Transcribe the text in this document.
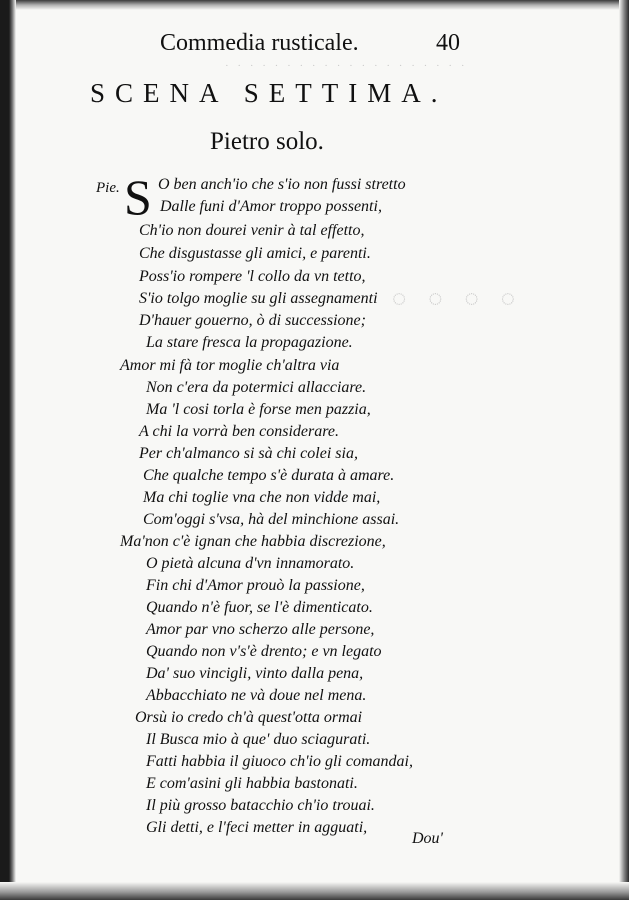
◌ ◌ ◌ ◌
· · · · · · · · · · · · · · · · · · · ·
Commedia rusticale.	40
SCENA SETTIMA.
Pietro solo.
Pie. S O ben anch'io che s'io non fussi stretto
Dalle funi d'Amor troppo possenti,
Ch'io non dourei venir à tal effetto,
Che disgustasse gli amici, e parenti.
Poss'io rompere 'l collo da vn tetto,
S'io tolgo moglie su gli assegnamenti
D'hauer gouerno, ò di successione;
La stare fresca la propagazione.
Amor mi fà tor moglie ch'altra via
Non c'era da potermici allacciare.
Ma 'l cosi torla è forse men pazzia,
A chi la vorrà ben considerare.
Per ch'almanco si sà chi colei sia,
Che qualche tempo s'è durata à amare.
Ma chi toglie vna che non vidde mai,
Com'oggi s'vsa, hà del minchione assai.
Ma'non c'è ignan che habbia discrezione,
O pietà alcuna d'vn innamorato.
Fin chi d'Amor prouò la passione,
Quando n'è fuor, se l'è dimenticato.
Amor par vno scherzo alle persone,
Quando non v's'è drento; e vn legato
Da' suo vincigli, vinto dalla pena,
Abbacchiato ne và doue nel mena.
Orsù io credo ch'à quest'otta ormai
Il Busca mio à que' duo sciagurati.
Fatti habbia il giuoco ch'io gli comandai,
E com'asini gli habbia bastonati.
Il più grosso batacchio ch'io trouai.
Gli detti, e l'feci metter in agguati,
Dou'
